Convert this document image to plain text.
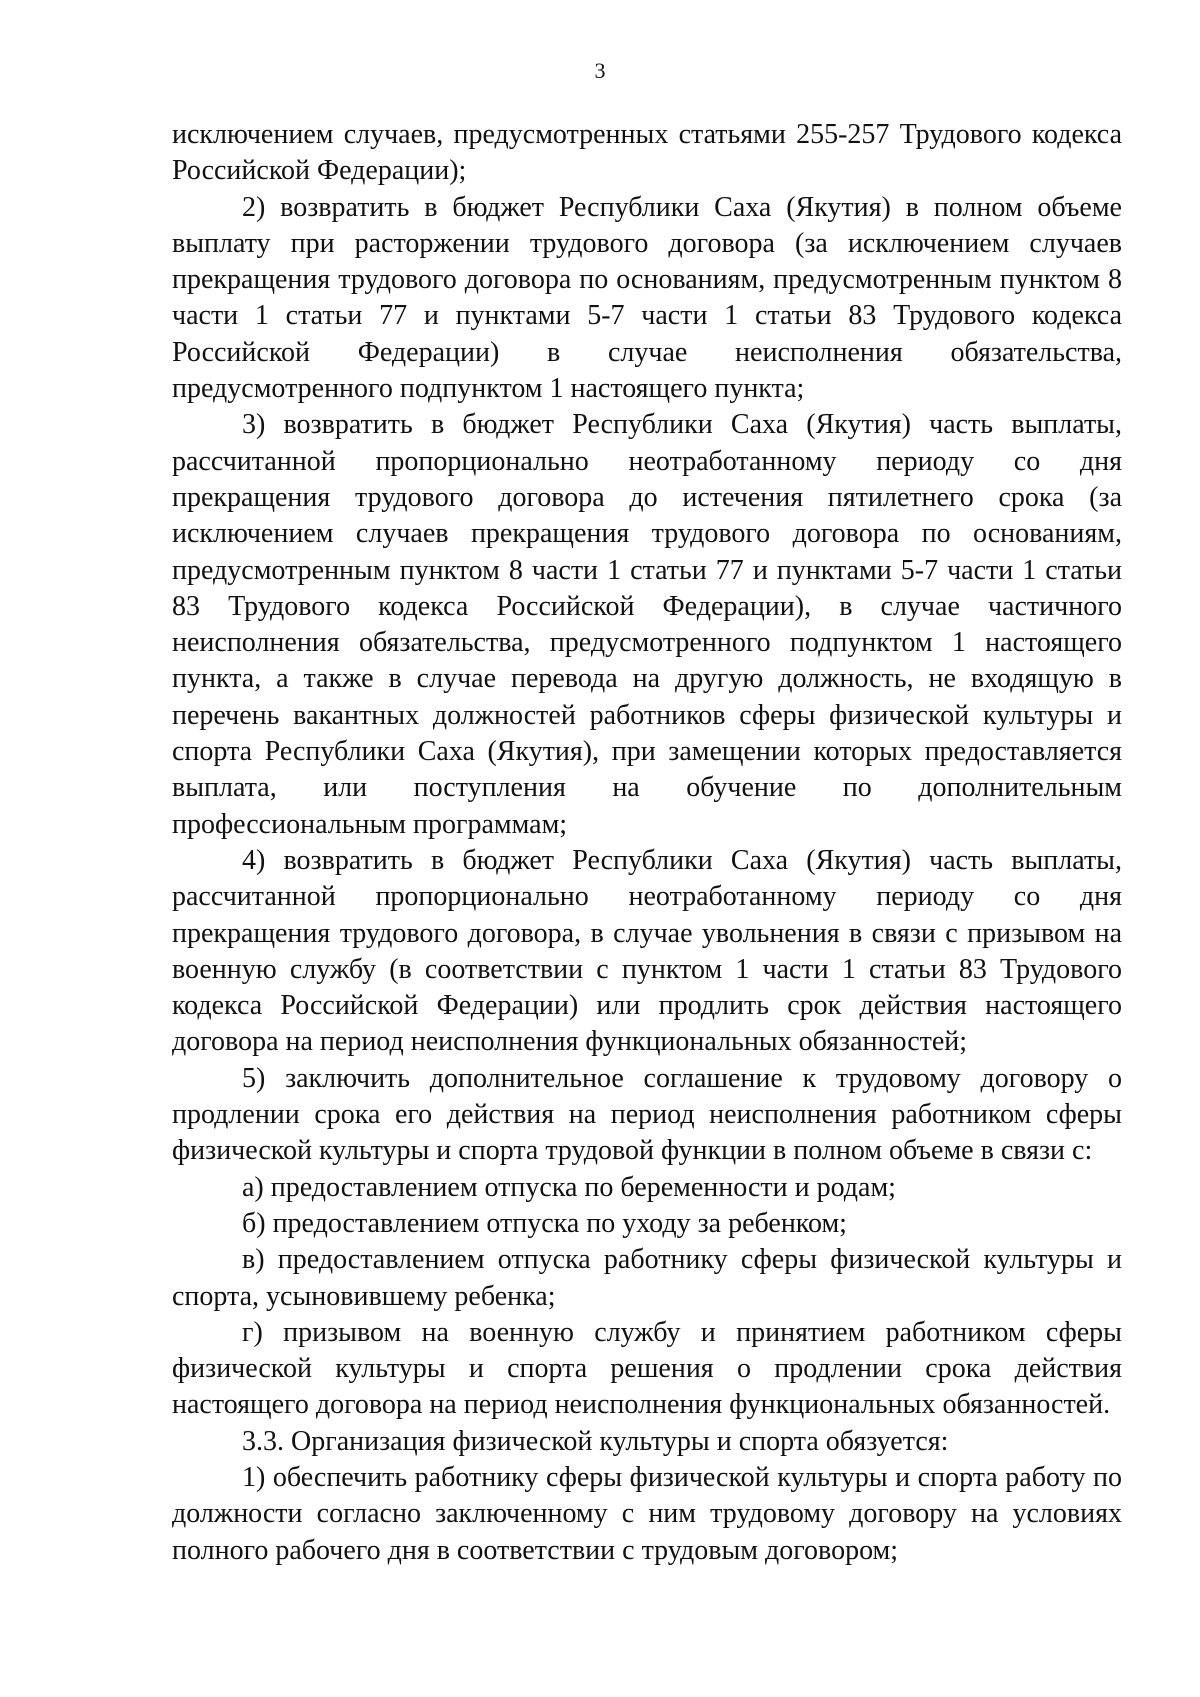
3

исключением случаев, предусмотренных статьями 255-257 Трудового кодекса Российской Федерации);

2) возвратить в бюджет Республики Саха (Якутия) в полном объеме выплату при расторжении трудового договора (за исключением случаев прекращения трудового договора по основаниям, предусмотренным пунктом 8 части 1 статьи 77 и пунктами 5-7 части 1 статьи 83 Трудового кодекса Российской Федерации) в случае неисполнения обязательства, предусмотренного подпунктом 1 настоящего пункта;

3) возвратить в бюджет Республики Саха (Якутия) часть выплаты, рассчитанной пропорционально неотработанному периоду со дня прекращения трудового договора до истечения пятилетнего срока (за исключением случаев прекращения трудового договора по основаниям, предусмотренным пунктом 8 части 1 статьи 77 и пунктами 5-7 части 1 статьи 83 Трудового кодекса Российской Федерации), в случае частичного неисполнения обязательства, предусмотренного подпунктом 1 настоящего пункта, а также в случае перевода на другую должность, не входящую в перечень вакантных должностей работников сферы физической культуры и спорта Республики Саха (Якутия), при замещении которых предоставляется выплата, или поступления на обучение по дополнительным профессиональным программам;

4) возвратить в бюджет Республики Саха (Якутия) часть выплаты, рассчитанной пропорционально неотработанному периоду со дня прекращения трудового договора, в случае увольнения в связи с призывом на военную службу (в соответствии с пунктом 1 части 1 статьи 83 Трудового кодекса Российской Федерации) или продлить срок действия настоящего договора на период неисполнения функциональных обязанностей;

5) заключить дополнительное соглашение к трудовому договору о продлении срока его действия на период неисполнения работником сферы физической культуры и спорта трудовой функции в полном объеме в связи с:

а) предоставлением отпуска по беременности и родам;

б) предоставлением отпуска по уходу за ребенком;

в) предоставлением отпуска работнику сферы физической культуры и спорта, усыновившему ребенка;

г) призывом на военную службу и принятием работником сферы физической культуры и спорта решения о продлении срока действия настоящего договора на период неисполнения функциональных обязанностей.

3.3. Организация физической культуры и спорта обязуется:

1) обеспечить работнику сферы физической культуры и спорта работу по должности согласно заключенному с ним трудовому договору на условиях полного рабочего дня в соответствии с трудовым договором;
